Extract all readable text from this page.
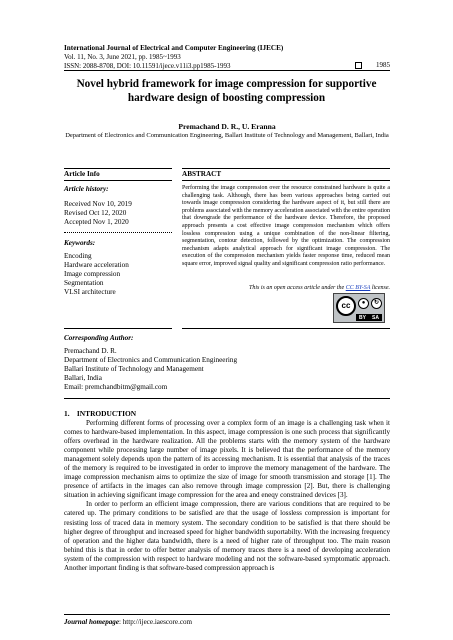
International Journal of Electrical and Computer Engineering (IJECE)
Vol. 11, No. 3, June 2021, pp. 1985~1993
ISSN: 2088-8708, DOI: 10.11591/ijece.v11i3.pp1985-1993	1985
Novel hybrid framework for image compression for supportive hardware design of boosting compression
Premachand D. R., U. Eranna
Department of Electronics and Communication Engineering, Ballari Institute of Technology and Management, Ballari, India
Article Info	ABSTRACT
Article history:
Received Nov 10, 2019
Revised Oct 12, 2020
Accepted Nov 1, 2020
Keywords:
Encoding
Hardware acceleration
Image compression
Segmentation
VLSI architecture
Performing the image compression over the resource constrained hardware is quite a challenging task. Although, there has been various approaches being carried out towards image compression considering the hardware aspect of it, but still there are problems associated with the memory acceleration associated with the entire operation that downgrade the performance of the hardware device. Therefore, the proposed approach presents a cost effective image compression mechanism which offers lossless compression using a unique combination of the non-linear filtering, segmentation, contour detection, followed by the optimization. The compression mechanism adapts analytical approach for significant image compression. The execution of the compression mechanism yields faster response time, reduced mean square error, improved signal quality and significant compression ratio performance.
This is an open access article under the CC BY-SA license.
cc	●	↻
BY SA
Corresponding Author:
Premachand D. R.
Department of Electronics and Communication Engineering
Ballari Institute of Technology and Management
Ballari, India
Email: premchandbitm@gmail.com
1.    INTRODUCTION

Performing different forms of processing over a complex form of an image is a challenging task when it comes to hardware-based implementation. In this aspect, image compression is one such process that significantly offers overhead in the hardware realization. All the problems starts with the memory system of the hardware component while processing large number of image pixels. It is believed that the performance of the memory management solely depends upon the pattern of its accessing mechanism. It is essential that analysis of the traces of the memory is required to be investigated in order to improve the memory management of the hardware. The image compression mechanism aims to optimize the size of image for smooth transmission and storage [1]. The presence of artifacts in the images can also remove through image compression [2]. But, there is challenging situation in achieving significant image compression for the area and eneqy constrained devices [3].

In order to perform an efficient image compression, there are various conditions that are required to be catered up. The primary conditions to be satisfied are that the usage of lossless compression is important for resisting loss of traced data in memory system. The secondary condition to be satisfied is that there should be higher degree of throughput and increased speed for higher bandwidth suportabilty. With the increasing frequency of operation and the higher data bandwidth, there is a need of higher rate of throughput too. The main reason behind this is that in order to offer better analysis of memory traces there is a need of developing acceleration system of the compression with respect to hardware modeling and not the software-based symptomatic approach. Another important finding is that software-based compression approach is

Journal homepage: http://ijece.iaescore.com
